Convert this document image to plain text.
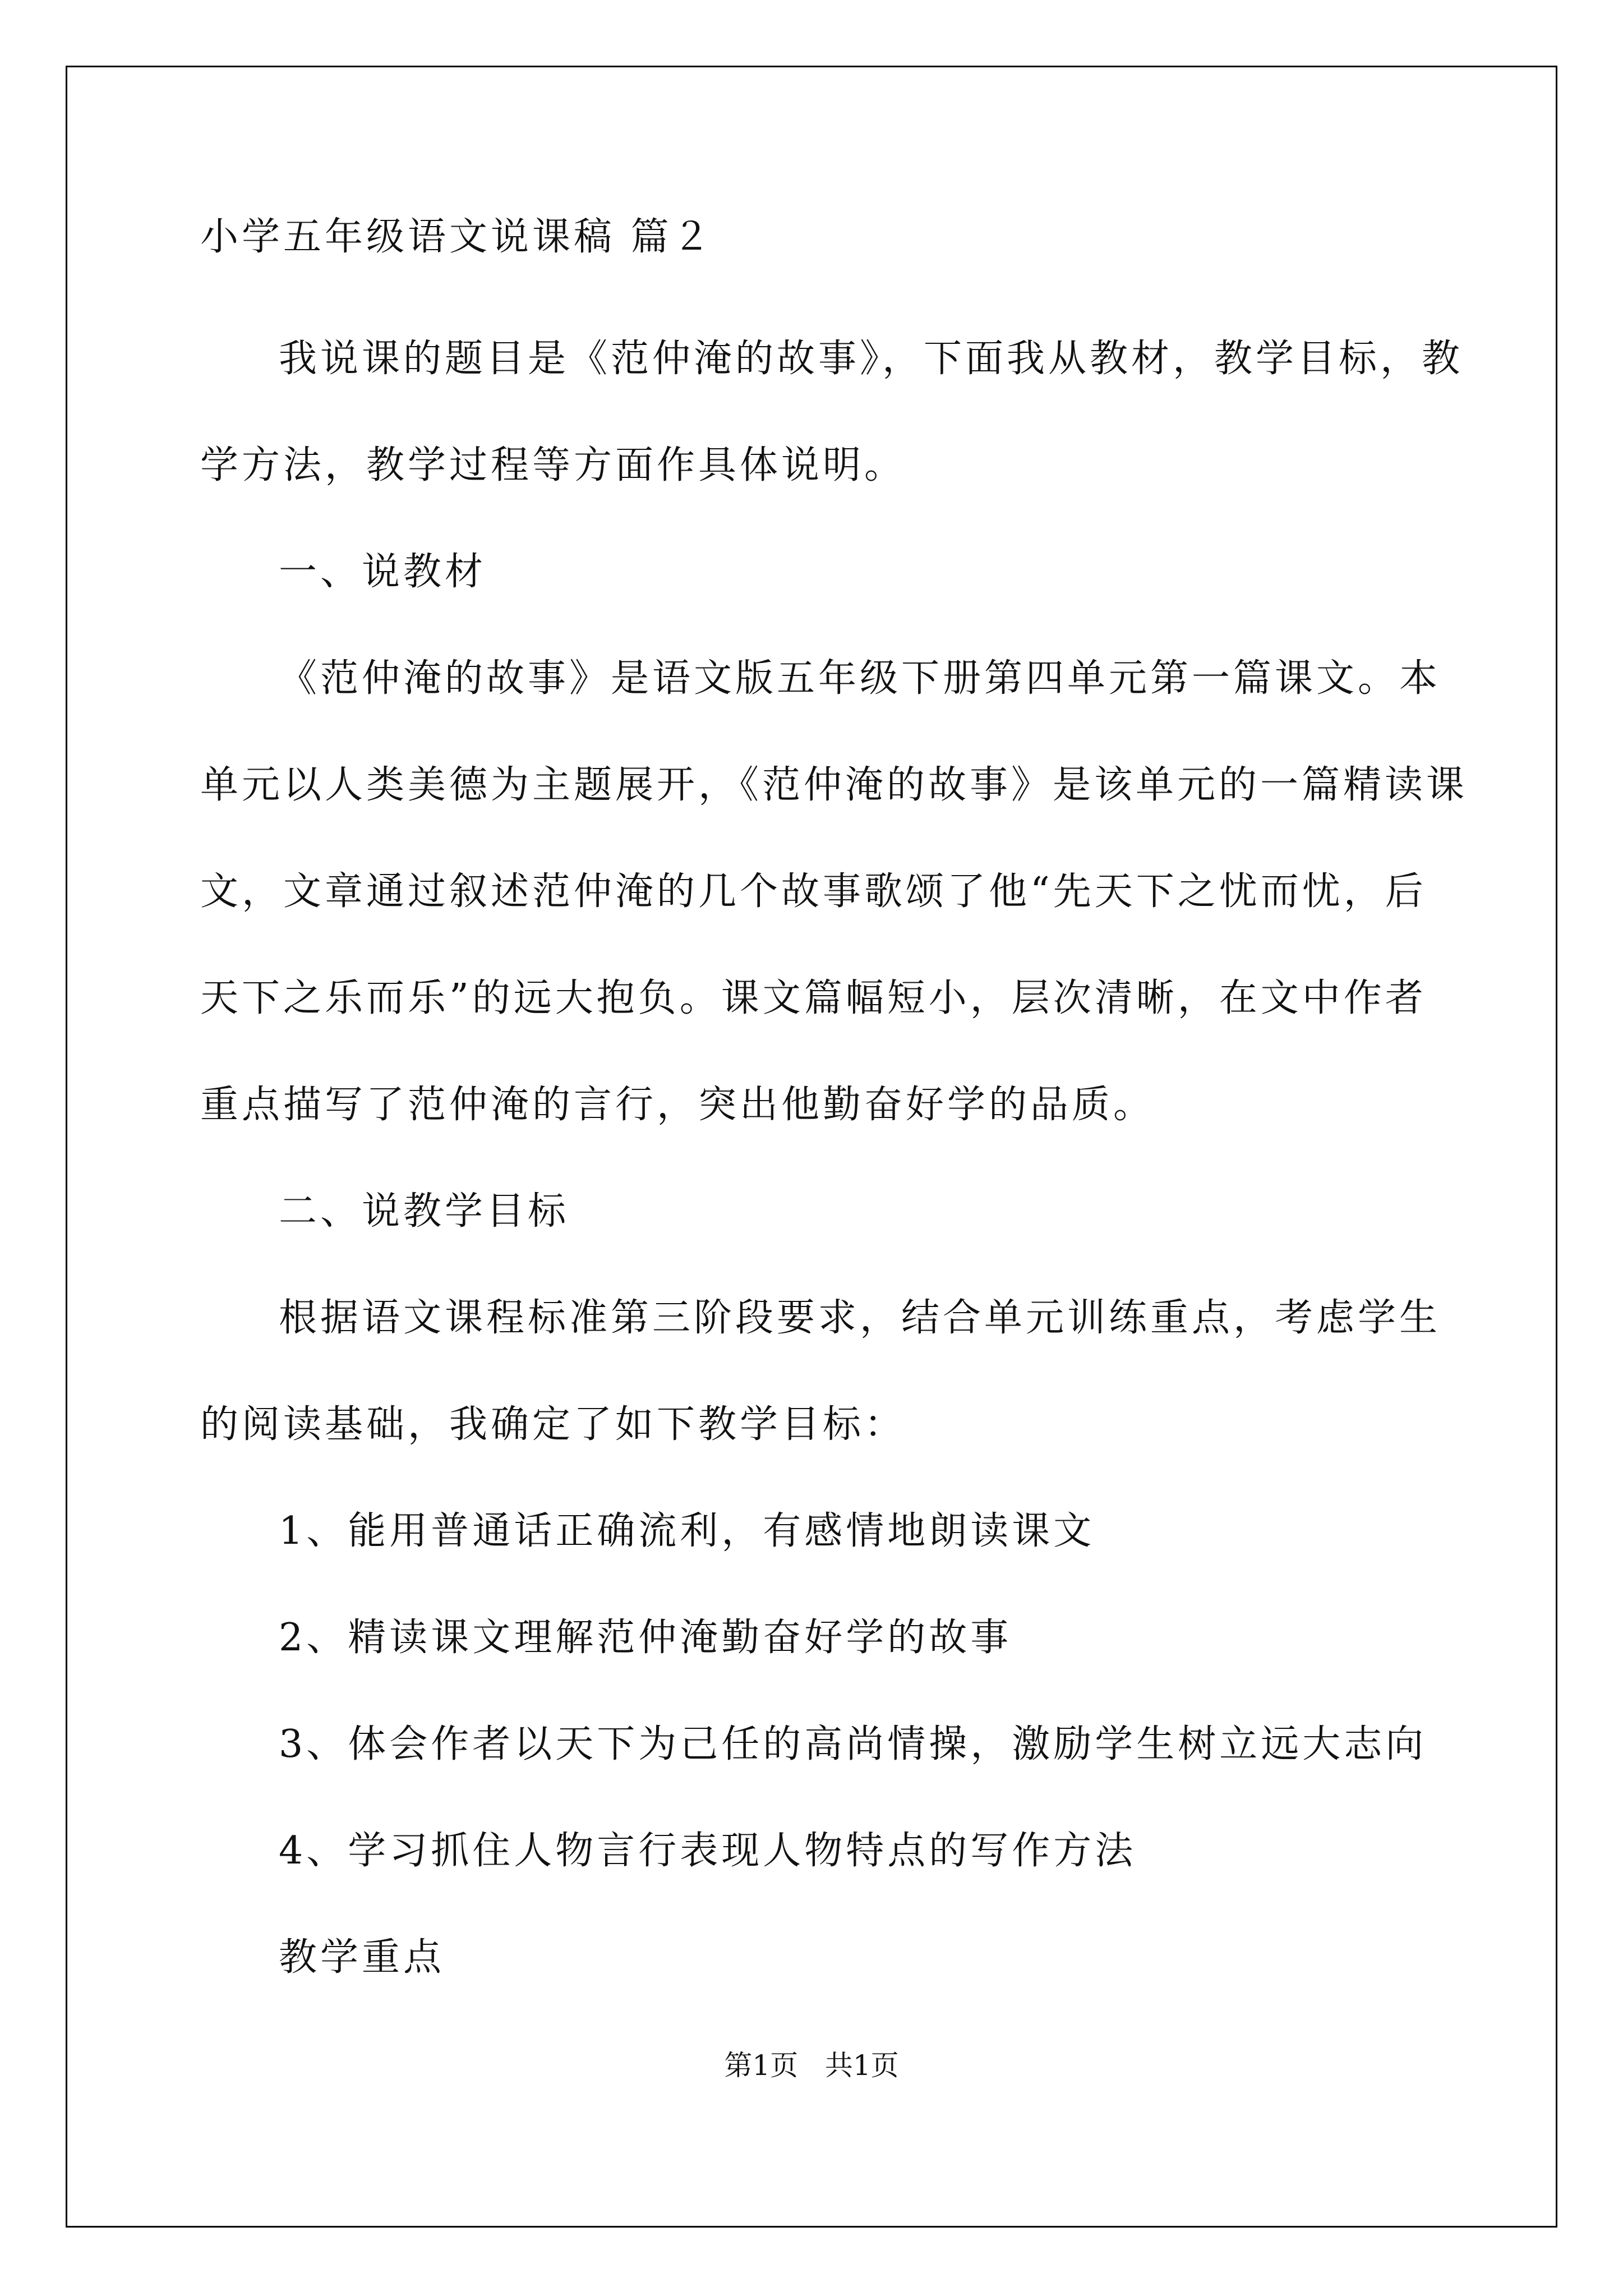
小学五年级语文说课稿 篇２
我说课的题目是《范仲淹的故事》，下面我从教材，教学目标，教
学方法，教学过程等方面作具体说明。
一、说教材
《范仲淹的故事》是语文版五年级下册第四单元第一篇课文。本
单元以人类美德为主题展开，《范仲淹的故事》是该单元的一篇精读课
文，文章通过叙述范仲淹的几个故事歌颂了他“先天下之忧而忧，后
天下之乐而乐”的远大抱负。课文篇幅短小，层次清晰，在文中作者
重点描写了范仲淹的言行，突出他勤奋好学的品质。
二、说教学目标
根据语文课程标准第三阶段要求，结合单元训练重点，考虑学生
的阅读基础，我确定了如下教学目标：
1、能用普通话正确流利，有感情地朗读课文
2、精读课文理解范仲淹勤奋好学的故事
3、体会作者以天下为己任的高尚情操，激励学生树立远大志向
4、学习抓住人物言行表现人物特点的写作方法
教学重点
第1页   共1页
